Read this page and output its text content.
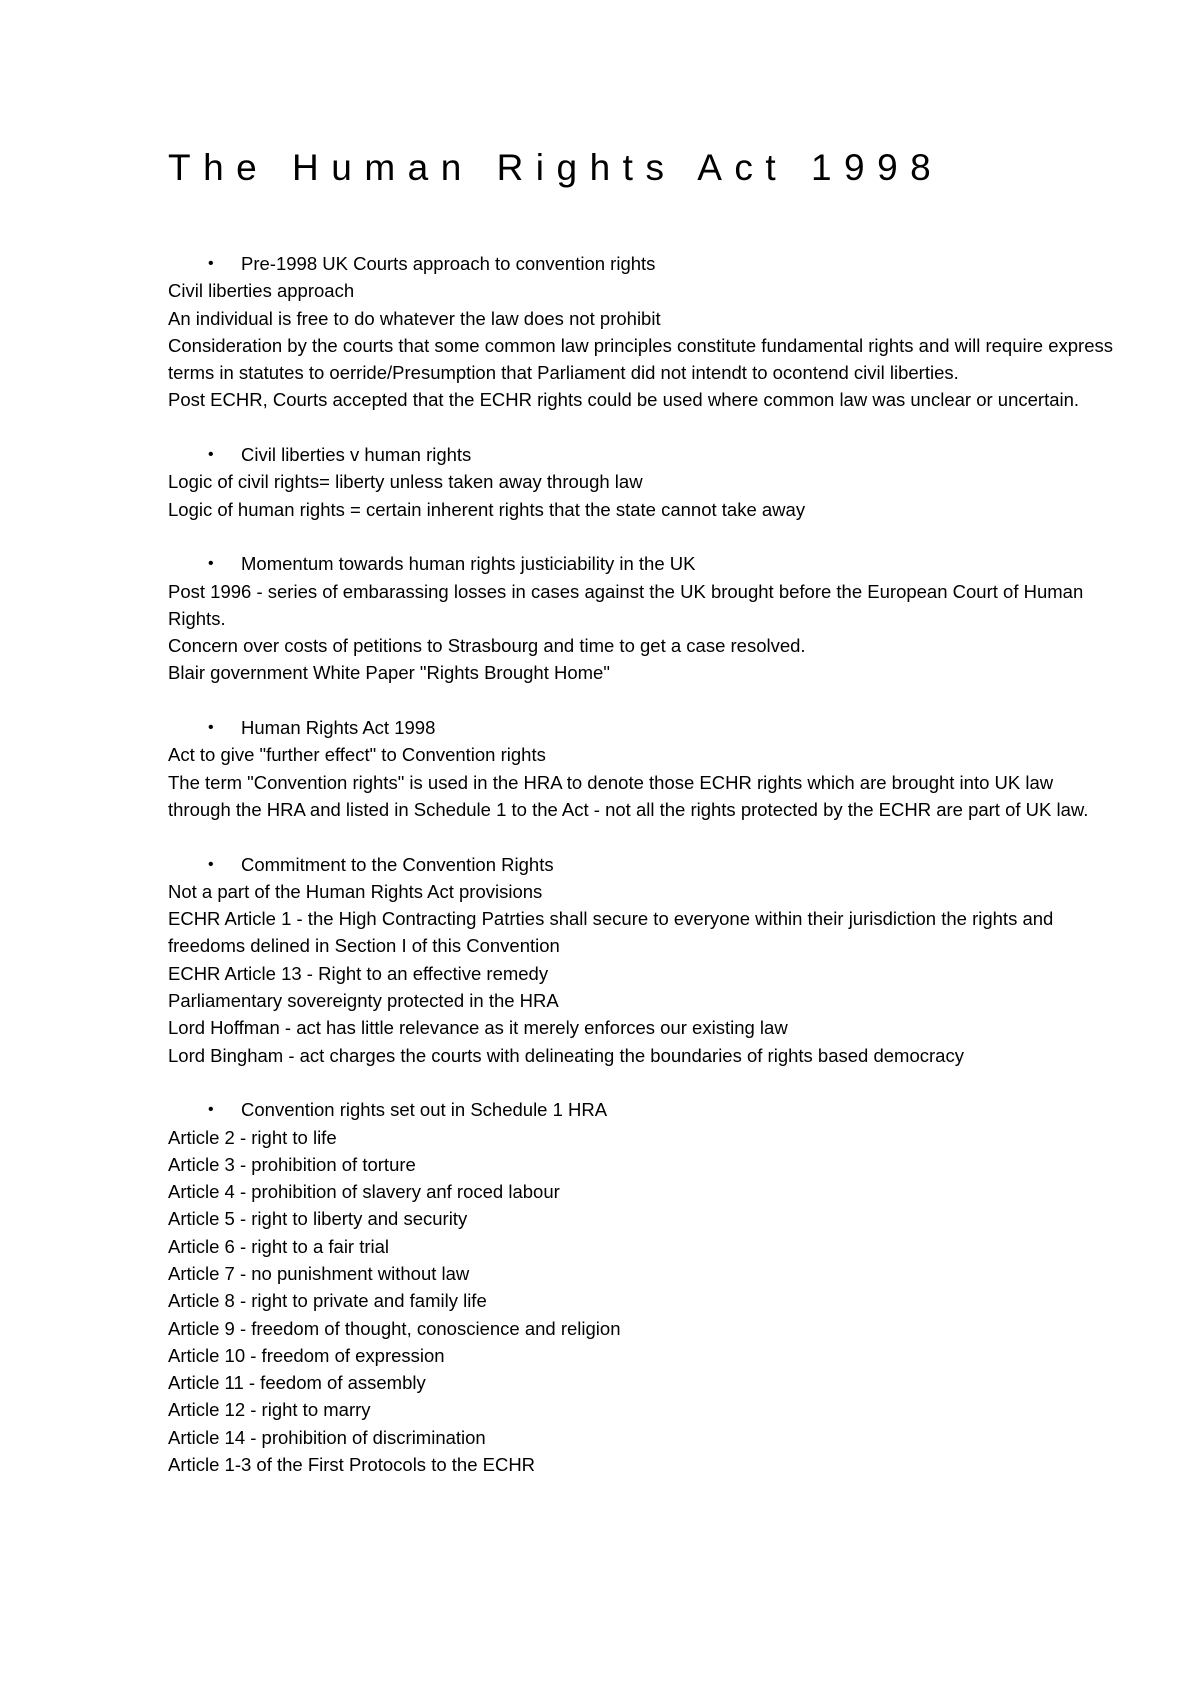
The Human Rights Act 1998
• Pre-1998 UK Courts approach to convention rights
Civil liberties approach
An individual is free to do whatever the law does not prohibit
Consideration by the courts that some common law principles constitute fundamental rights and will require express terms in statutes to oerride/Presumption that Parliament did not intendt to ocontend civil liberties.
Post ECHR, Courts accepted that the ECHR rights could be used where common law was unclear or uncertain.
• Civil liberties v human rights
Logic of civil rights= liberty unless taken away through law
Logic of human rights = certain inherent rights that the state cannot take away
• Momentum towards human rights justiciability in the UK
Post 1996 - series of embarassing losses in cases against the UK brought before the European Court of Human Rights.
Concern over costs of petitions to Strasbourg and time to get a case resolved.
Blair government White Paper "Rights Brought Home"
• Human Rights Act 1998
Act to give "further effect" to Convention rights
The term "Convention rights" is used in the HRA to denote those ECHR rights which are brought into UK law through the HRA and listed in Schedule 1 to the Act - not all the rights protected by the ECHR are part of UK law.
• Commitment to the Convention Rights
Not a part of the Human Rights Act provisions
ECHR Article 1 - the High Contracting Patrties shall secure to everyone within their jurisdiction the rights and freedoms delined in Section I of this Convention
ECHR Article 13 - Right to an effective remedy
Parliamentary sovereignty protected in the HRA
Lord Hoffman - act has little relevance as it merely enforces our existing law
Lord Bingham - act charges the courts with delineating the boundaries of rights based democracy
• Convention rights set out in Schedule 1 HRA
Article 2 - right to life
Article 3 - prohibition of torture
Article 4 - prohibition of slavery anf roced labour
Article 5 - right to liberty and security
Article 6 - right to a fair trial
Article 7 - no punishment without law
Article 8 - right to private and family life
Article 9 - freedom of thought, conoscience and religion
Article 10 - freedom of expression
Article 11 - feedom of assembly
Article 12 - right to marry
Article 14 - prohibition of discrimination
Article 1-3 of the First Protocols to the ECHR
